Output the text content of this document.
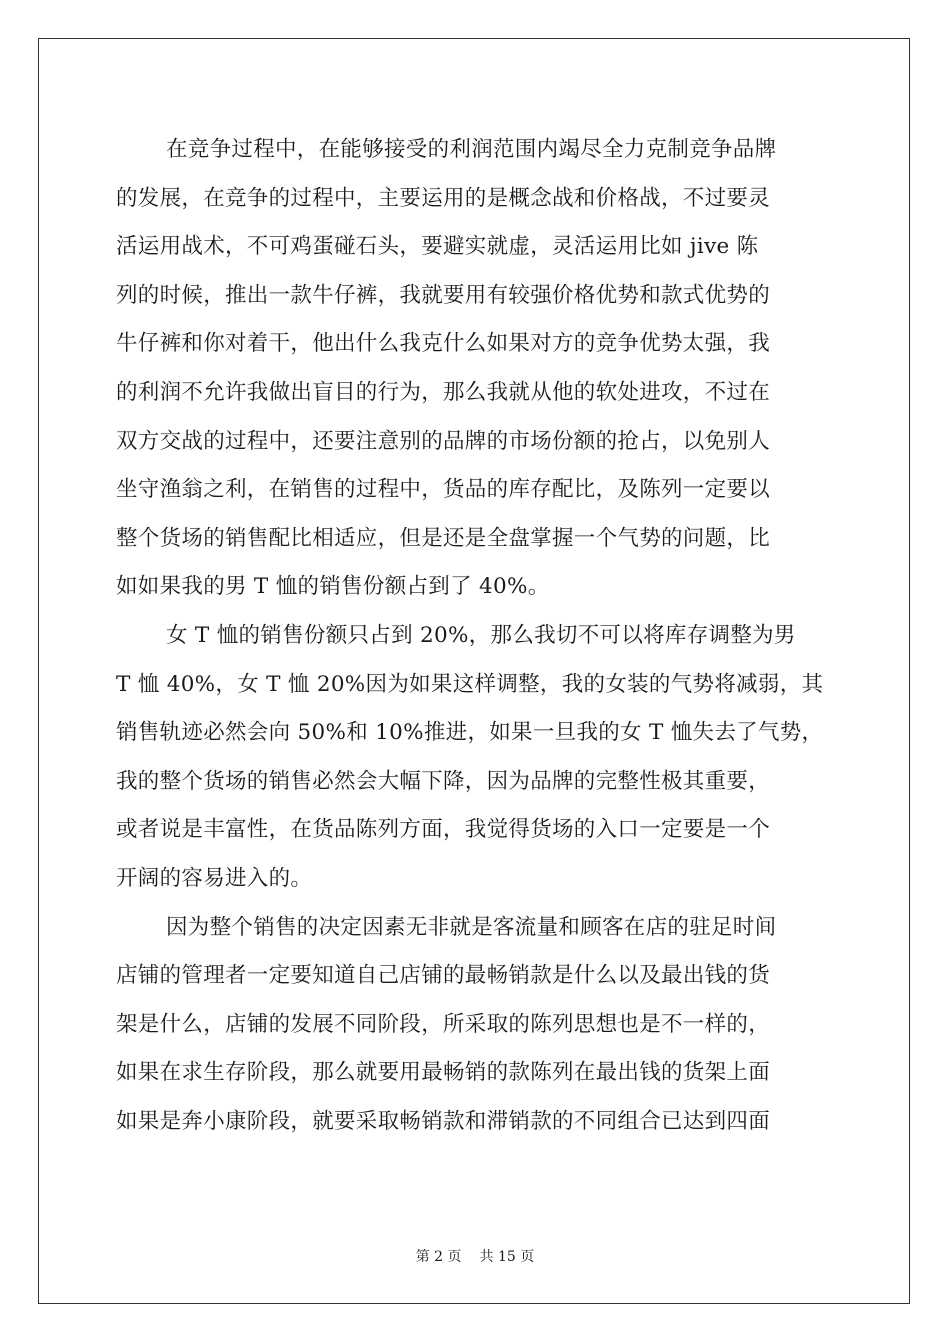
在竞争过程中，在能够接受的利润范围内竭尽全力克制竞争品牌
的发展，在竞争的过程中，主要运用的是概念战和价格战，不过要灵
活运用战术，不可鸡蛋碰石头，要避实就虚，灵活运用比如 jive 陈
列的时候，推出一款牛仔裤，我就要用有较强价格优势和款式优势的
牛仔裤和你对着干，他出什么我克什么如果对方的竞争优势太强，我
的利润不允许我做出盲目的行为，那么我就从他的软处进攻，不过在
双方交战的过程中，还要注意别的品牌的市场份额的抢占，以免别人
坐守渔翁之利，在销售的过程中，货品的库存配比，及陈列一定要以
整个货场的销售配比相适应，但是还是全盘掌握一个气势的问题，比
如如果我的男 T 恤的销售份额占到了 40%。
女 T 恤的销售份额只占到 20%，那么我切不可以将库存调整为男
T 恤 40%，女 T 恤 20%因为如果这样调整，我的女装的气势将减弱，其
销售轨迹必然会向 50%和 10%推进，如果一旦我的女 T 恤失去了气势，
我的整个货场的销售必然会大幅下降，因为品牌的完整性极其重要，
或者说是丰富性，在货品陈列方面，我觉得货场的入口一定要是一个
开阔的容易进入的。
因为整个销售的决定因素无非就是客流量和顾客在店的驻足时间
店铺的管理者一定要知道自己店铺的最畅销款是什么以及最出钱的货
架是什么，店铺的发展不同阶段，所采取的陈列思想也是不一样的，
如果在求生存阶段，那么就要用最畅销的款陈列在最出钱的货架上面
如果是奔小康阶段，就要采取畅销款和滞销款的不同组合已达到四面
第 2 页 共 15 页
